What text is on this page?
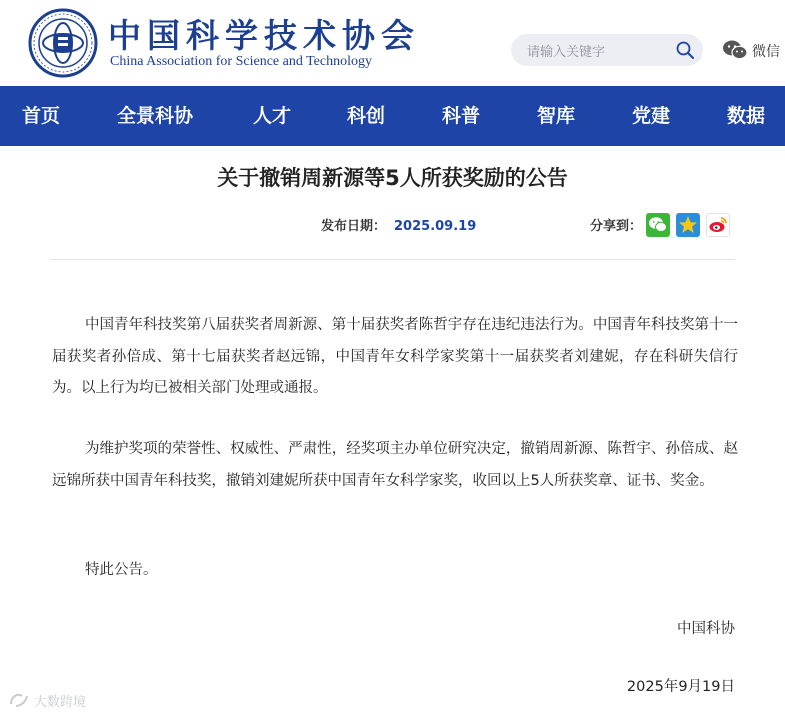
中国科学技术协会
China Association for Science and Technology
请输入关键字	微信
首页	全景科协	人才	科创	科普	智库	党建	数据
关于撤销周新源等5人所获奖励的公告
发布日期： 2025.09.19	分享到：

中国青年科技奖第八届获奖者周新源、第十届获奖者陈哲宇存在违纪违法行为。中国青年科技奖第十一届获奖者孙倍成、第十七届获奖者赵远锦，中国青年女科学家奖第十一届获奖者刘建妮，存在科研失信行为。以上行为均已被相关部门处理或通报。

为维护奖项的荣誉性、权威性、严肃性，经奖项主办单位研究决定，撤销周新源、陈哲宇、孙倍成、赵远锦所获中国青年科技奖，撤销刘建妮所获中国青年女科学家奖，收回以上5人所获奖章、证书、奖金。

特此公告。

中国科协
2025年9月19日
大数跨境
